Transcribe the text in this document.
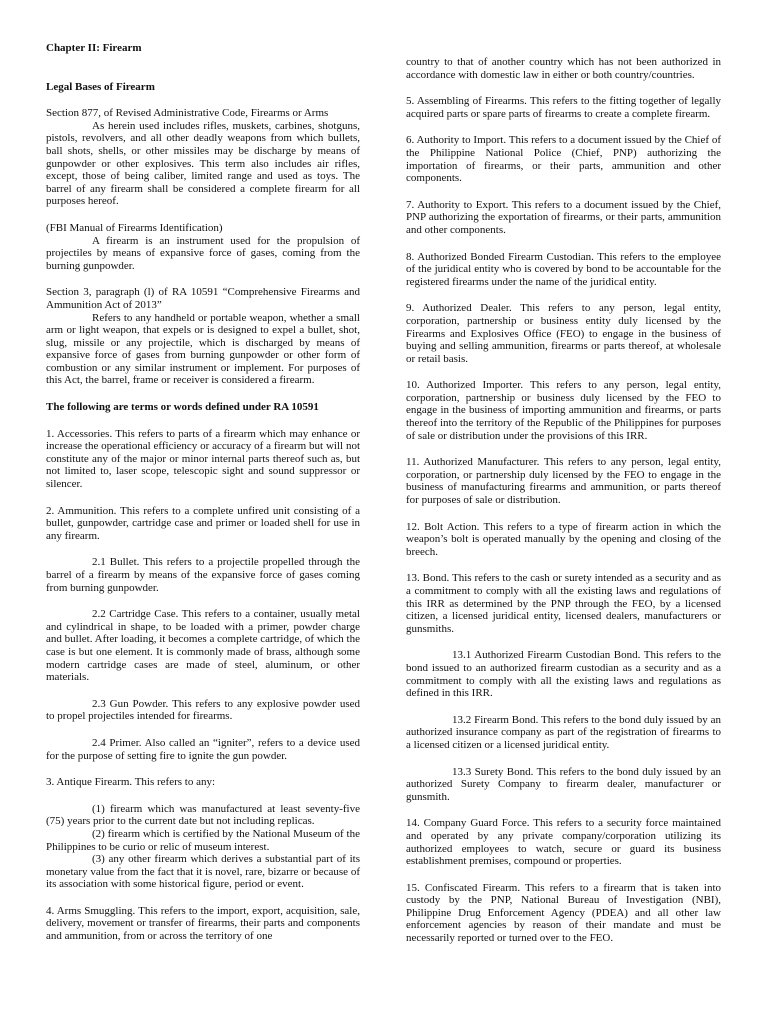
Chapter II: Firearm

Legal Bases of Firearm

Section 877, of Revised Administrative Code, Firearms or Arms

As herein used includes rifles, muskets, carbines, shotguns, pistols, revolvers, and all other deadly weapons from which bullets, ball shots, shells, or other missiles may be discharge by means of gunpowder or other explosives. This term also includes air rifles, except, those of being caliber, limited range and used as toys. The barrel of any firearm shall be considered a complete firearm for all purposes hereof.

(FBI Manual of Firearms Identification)

A firearm is an instrument used for the propulsion of projectiles by means of expansive force of gases, coming from the burning gunpowder.

Section 3, paragraph (l) of RA 10591 “Comprehensive Firearms and Ammunition Act of 2013”

Refers to any handheld or portable weapon, whether a small arm or light weapon, that expels or is designed to expel a bullet, shot, slug, missile or any projectile, which is discharged by means of expansive force of gases from burning gunpowder or other form of combustion or any similar instrument or implement. For purposes of this Act, the barrel, frame or receiver is considered a firearm.

The following are terms or words defined under RA 10591

1. Accessories. This refers to parts of a firearm which may enhance or increase the operational efficiency or accuracy of a firearm but will not constitute any of the major or minor internal parts thereof such as, but not limited to, laser scope, telescopic sight and sound suppressor or silencer.

2. Ammunition. This refers to a complete unfired unit consisting of a bullet, gunpowder, cartridge case and primer or loaded shell for use in any firearm.

2.1 Bullet. This refers to a projectile propelled through the barrel of a firearm by means of the expansive force of gases coming from burning gunpowder.

2.2 Cartridge Case. This refers to a container, usually metal and cylindrical in shape, to be loaded with a primer, powder charge and bullet. After loading, it becomes a complete cartridge, of which the case is but one element. It is commonly made of brass, although some modern cartridge cases are made of steel, aluminum, or other materials.

2.3 Gun Powder. This refers to any explosive powder used to propel projectiles intended for firearms.

2.4 Primer. Also called an “igniter”, refers to a device used for the purpose of setting fire to ignite the gun powder.

3. Antique Firearm. This refers to any:

(1) firearm which was manufactured at least seventy-five (75) years prior to the current date but not including replicas.

(2) firearm which is certified by the National Museum of the Philippines to be curio or relic of museum interest.

(3) any other firearm which derives a substantial part of its monetary value from the fact that it is novel, rare, bizarre or because of its association with some historical figure, period or event.

4. Arms Smuggling. This refers to the import, export, acquisition, sale, delivery, movement or transfer of firearms, their parts and components and ammunition, from or across the territory of one

country to that of another country which has not been authorized in accordance with domestic law in either or both country/countries.

5. Assembling of Firearms. This refers to the fitting together of legally acquired parts or spare parts of firearms to create a complete firearm.

6. Authority to Import. This refers to a document issued by the Chief of the Philippine National Police (Chief, PNP) authorizing the importation of firearms, or their parts, ammunition and other components.

7. Authority to Export. This refers to a document issued by the Chief, PNP authorizing the exportation of firearms, or their parts, ammunition and other components.

8. Authorized Bonded Firearm Custodian. This refers to the employee of the juridical entity who is covered by bond to be accountable for the registered firearms under the name of the juridical entity.

9. Authorized Dealer. This refers to any person, legal entity, corporation, partnership or business entity duly licensed by the Firearms and Explosives Office (FEO) to engage in the business of buying and selling ammunition, firearms or parts thereof, at wholesale or retail basis.

10. Authorized Importer. This refers to any person, legal entity, corporation, partnership or business duly licensed by the FEO to engage in the business of importing ammunition and firearms, or parts thereof into the territory of the Republic of the Philippines for purposes of sale or distribution under the provisions of this IRR.

11. Authorized Manufacturer. This refers to any person, legal entity, corporation, or partnership duly licensed by the FEO to engage in the business of manufacturing firearms and ammunition, or parts thereof for purposes of sale or distribution.

12. Bolt Action. This refers to a type of firearm action in which the weapon’s bolt is operated manually by the opening and closing of the breech.

13. Bond. This refers to the cash or surety intended as a security and as a commitment to comply with all the existing laws and regulations of this IRR as determined by the PNP through the FEO, by a licensed citizen, a licensed juridical entity, licensed dealers, manufacturers or gunsmiths.

13.1 Authorized Firearm Custodian Bond. This refers to the bond issued to an authorized firearm custodian as a security and as a commitment to comply with all the existing laws and regulations as defined in this IRR.

13.2 Firearm Bond. This refers to the bond duly issued by an authorized insurance company as part of the registration of firearms to a licensed citizen or a licensed juridical entity.

13.3 Surety Bond. This refers to the bond duly issued by an authorized Surety Company to firearm dealer, manufacturer or gunsmith.

14. Company Guard Force. This refers to a security force maintained and operated by any private company/corporation utilizing its authorized employees to watch, secure or guard its business establishment premises, compound or properties.

15. Confiscated Firearm. This refers to a firearm that is taken into custody by the PNP, National Bureau of Investigation (NBI), Philippine Drug Enforcement Agency (PDEA) and all other law enforcement agencies by reason of their mandate and must be necessarily reported or turned over to the FEO.
